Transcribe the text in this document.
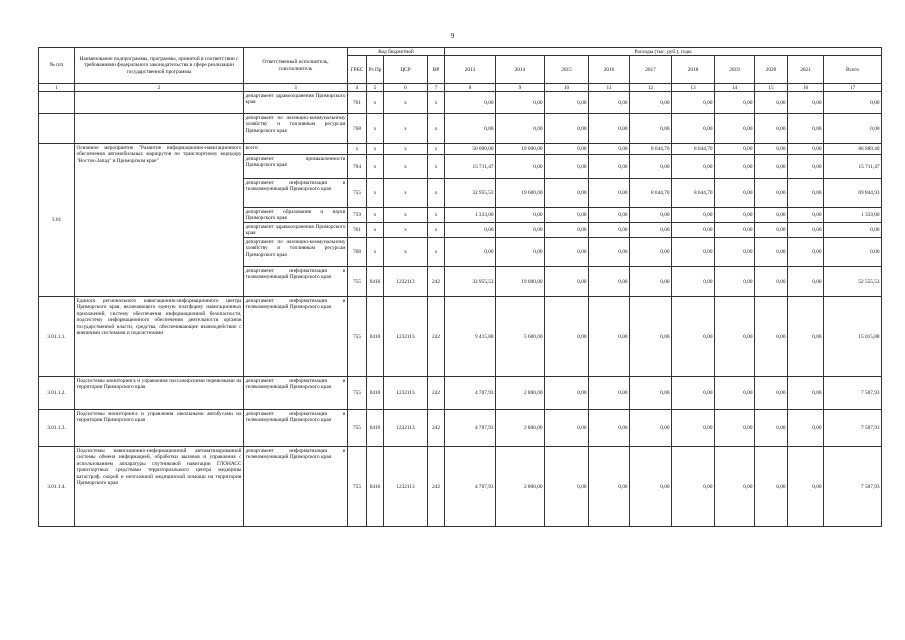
9
№ п/п	Наименование подпрограммы, программы, принятой в соответствии с требованиями федерального законодательства в сфере реализации государственной программы	Ответственный исполнитель, соисполнитель	Код бюджетной				Расходы (тыс. руб.), годы									
			ГРБС	Рз Пр	ЦСР	ВР	2013	2014	2015	2016	2017	2018	2019	2020	2021	Всего
1	2	3	4	5	6	7	8	9	10	11	12	13	14	15	16	17
		департамент здравоохранения Приморского края	761	х	х	х	0,00	0,00	0,00	0,00	0,00	0,00	0,00	0,00	0,00	0,00
		департамент по жилищно-коммунальному хозяйству и топливным ресурсам Приморского края	768	х	х	х	0,00	0,00	0,00	0,00	0,00	0,00	0,00	0,00	0,00	0,00
3.01	Основное мероприятие "Развитие информационно-навигационного обеспечения автомобильных маршрутов по транспортному коридору "Восток-Запад" в Приморском крае"	всего:	х	х	х	х	50 000,00	19 600,00	0,00	0,00	8 644,70	8 644,70	0,00	0,00	0,00	86 889,40
		департамент промышленности Приморского края	794	х	х	х	15 711,47	0,00	0,00	0,00	0,00	0,00	0,00	0,00	0,00	15 711,47
		департамент информатизации и телекоммуникаций Приморского края	755	х	х	х	32 955,53	19 600,00	0,00	0,00	8 644,70	8 644,70	0,00	0,00	0,00	69 844,93
		департамент образования и науки Приморского края	759	х	х	х	1 333,00	0,00	0,00	0,00	0,00	0,00	0,00	0,00	0,00	1 333,00
		департамент здравоохранения Приморского края	761	х	х	х	0,00	0,00	0,00	0,00	0,00	0,00	0,00	0,00	0,00	0,00
		департамент по жилищно-коммунальному хозяйству и топливным ресурсам Приморского края	768	х	х	х	0,00	0,00	0,00	0,00	0,00	0,00	0,00	0,00	0,00	0,00
		департамент информатизации и телекоммуникаций Приморского края	755	0410	1232113	242	32 955,53	19 600,00	0,00	0,00	0,00	0,00	0,00	0,00	0,00	52 555,53
3.01.1.1.	Единого регионального навигационно-информационного центра Приморского края, включающего единую платформу навигационных приложений, систему обеспечения информационной безопасности, подсистему информационного обеспечения деятельности органов государственной власти, средства, обеспечивающие взаимодействие с внешними системами и подсистемами	департамент информатизации и телекоммуникаций Приморского края	755	0410	1232113	242	9 415,88	5 600,00	0,00	0,00	0,00	0,00	0,00	0,00	0,00	15 015,88
3.01.1.2.	Подсистемы мониторинга и управления пассажирскими перевозками на территории Приморского края	департамент информатизации и телекоммуникаций Приморского края	755	0410	1232113	242	4 707,93	2 800,00	0,00	0,00	0,00	0,00	0,00	0,00	0,00	7 507,93
3.01.1.3.	Подсистемы мониторинга и управления школьными автобусами на территории Приморского края	департамент информатизации и телекоммуникаций Приморского края	755	0410	1232113	242	4 707,93	2 800,00	0,00	0,00	0,00	0,00	0,00	0,00	0,00	7 507,93
3.01.1.4.	Подсистемы навигационно-информационной автоматизированной системы обмена информацией, обработки вызовов и управления с использованием аппаратуры спутниковой навигации ГЛОНАСС транспортных средствами территориального центра медицины катастроф, скорой и неотложной медицинской помощи на территории Приморского края	департамент информатизации и телекоммуникаций Приморского края	755	0410	1232113	242	4 707,93	2 800,00	0,00	0,00	0,00	0,00	0,00	0,00	0,00	7 507,93
